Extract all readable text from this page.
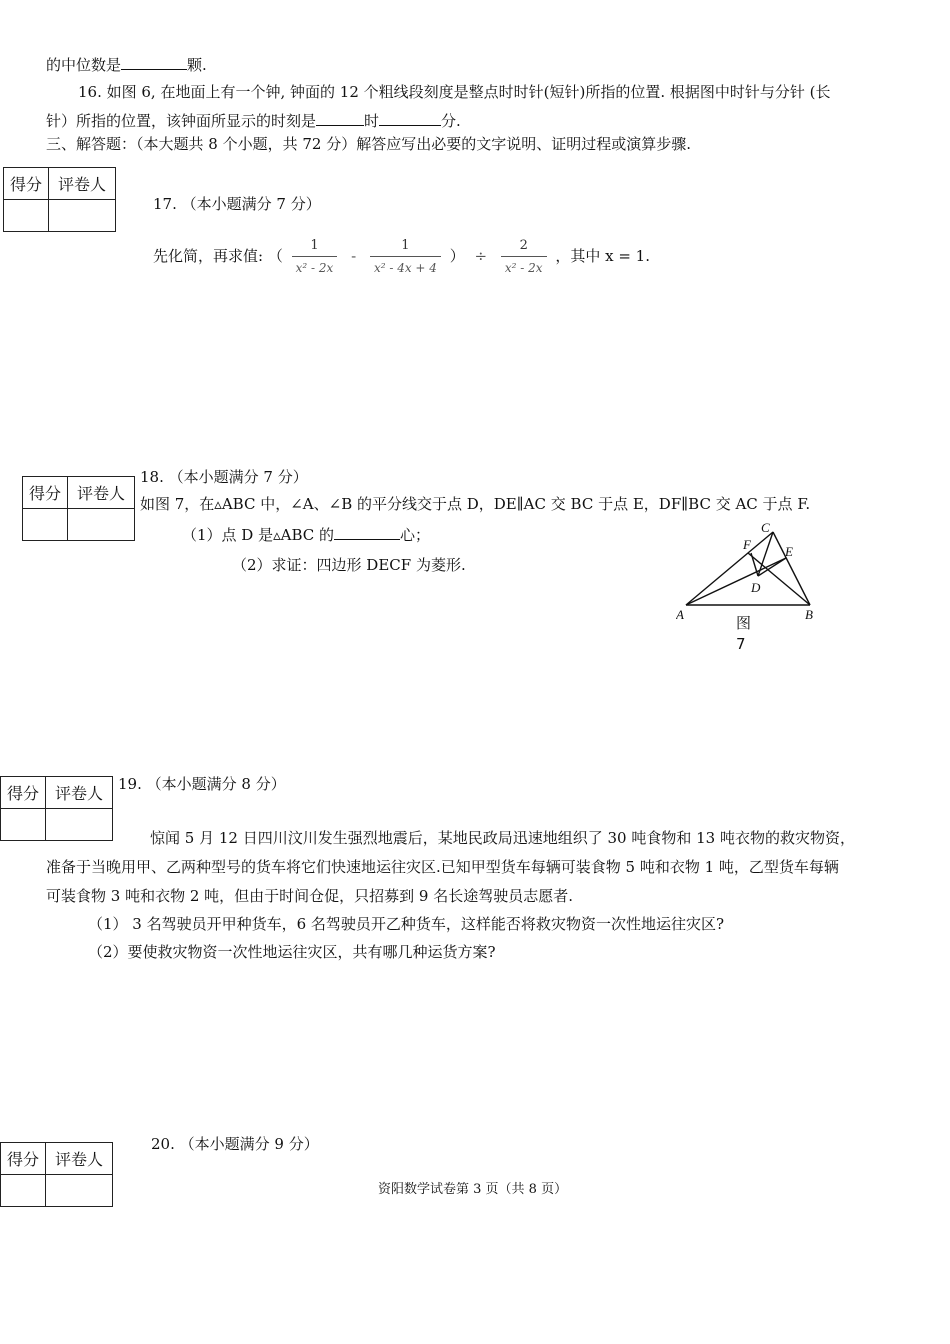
的中位数是	颗.
16. 如图 6, 在地面上有一个钟, 钟面的 12 个粗线段刻度是整点时时针(短针)所指的位置. 根据图中时针与分针 (长
针）所指的位置，该钟面所显示的时刻是	时	分.
三、解答题：（本大题共 8 个小题，共 72 分）解答应写出必要的文字说明、证明过程或演算步骤.
得分	评卷人

17. （本小题满分 7 分）
先化简，再求值: （ $\frac{1}{\text{x² - 2x}} - \frac{1}{\text{x² - 4x + 4}}$ ） ÷ $\frac{2}{\text{x² - 2x}}$ ，其中 x = 1.
得分	评卷人

18. （本小题满分 7 分）
如图 7，在▵ABC 中，∠A、∠B 的平分线交于点 D，DE∥AC 交 BC 于点 E，DF∥BC 交 AC 于点 F.
（1）点 D 是▵ABC 的	心；
（2）求证：四边形 DECF 为菱形.
A	B
C
D
E
F
图
7
得分	评卷人
	19. （本小题满分 8 分）
惊闻 5 月 12 日四川汶川发生强烈地震后，某地民政局迅速地组织了 30 吨食物和 13 吨衣物的救灾物资，
准备于当晚用甲、乙两种型号的货车将它们快速地运往灾区.已知甲型货车每辆可装食物 5 吨和衣物 1 吨，乙型货车每辆
可装食物 3 吨和衣物 2 吨，但由于时间仓促，只招募到 9 名长途驾驶员志愿者.
（1） 3 名驾驶员开甲种货车，6 名驾驶员开乙种货车，这样能否将救灾物资一次性地运往灾区?
（2）要使救灾物资一次性地运往灾区，共有哪几种运货方案?
得分	评卷人

20. （本小题满分 9 分）
资阳数学试卷第 3 页（共 8 页）
